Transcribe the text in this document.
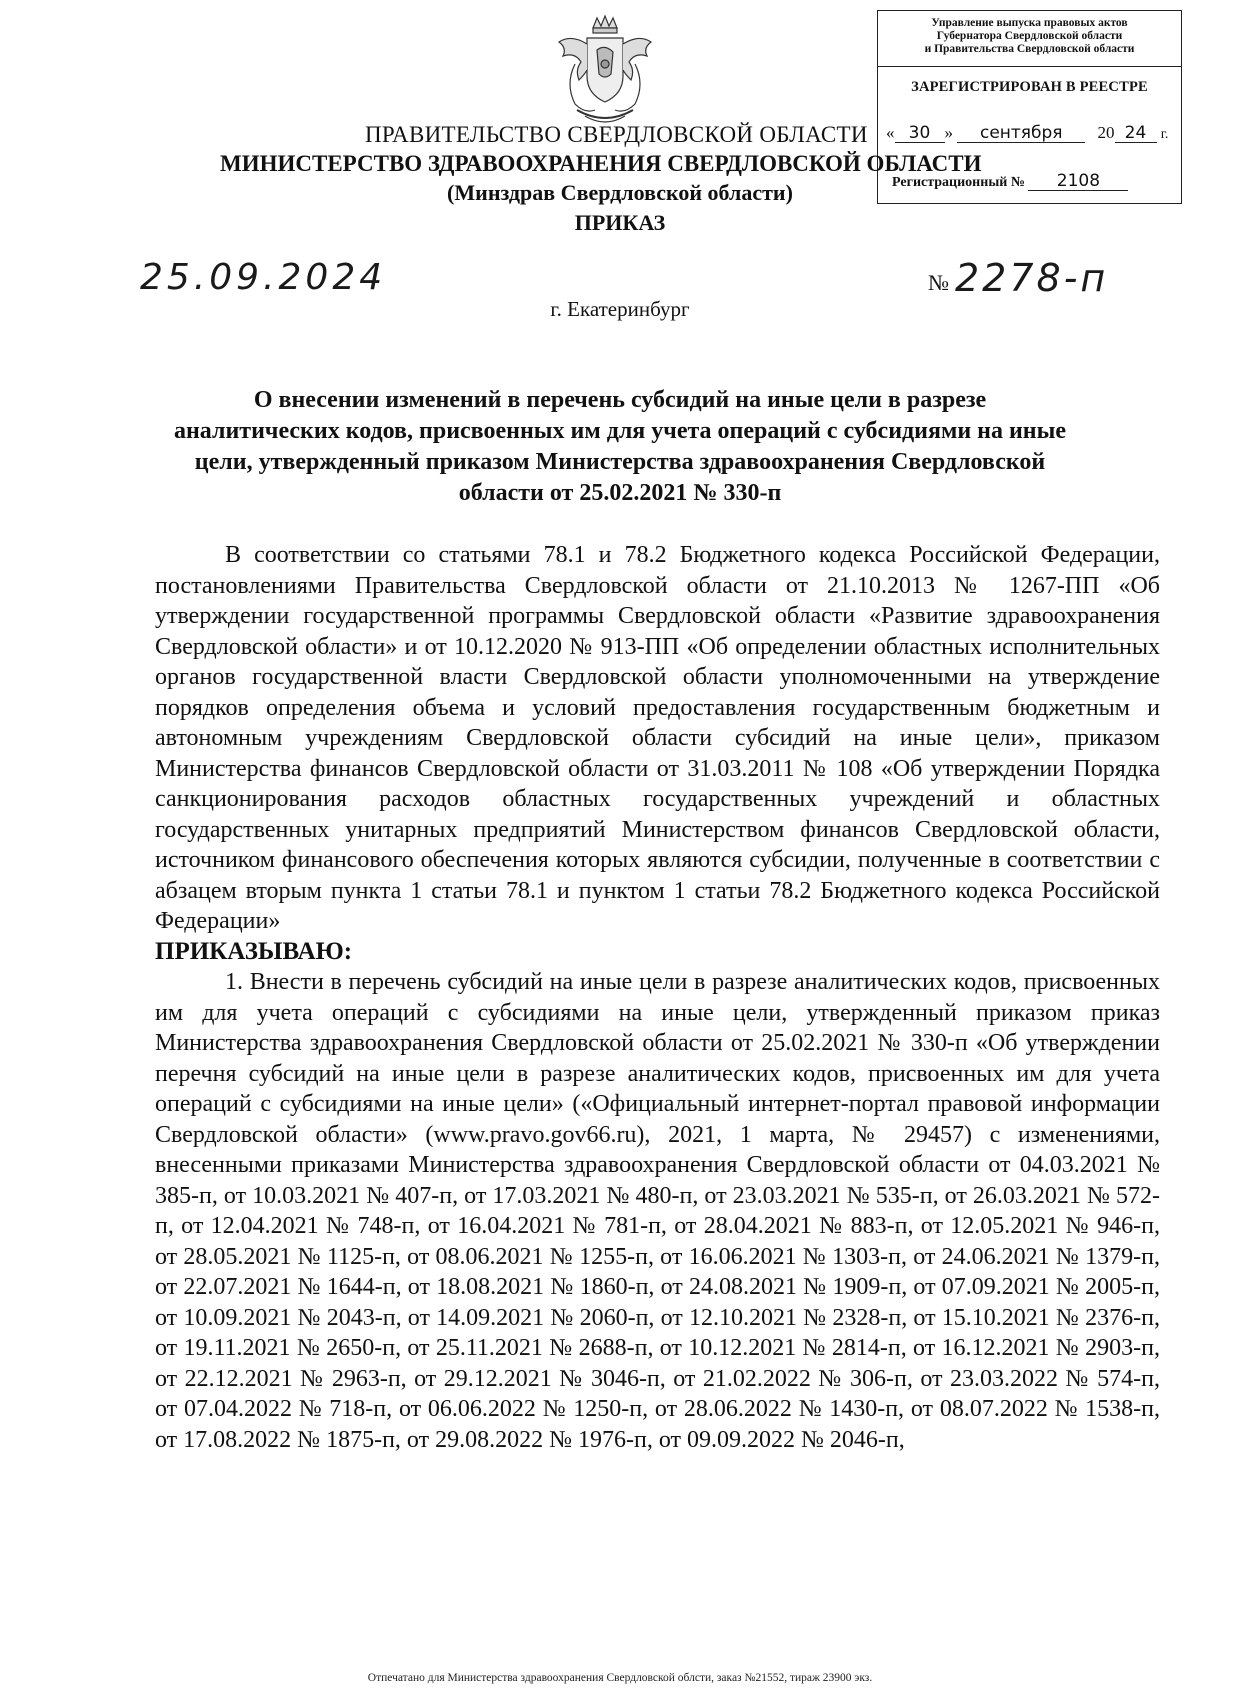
Управление выпуска правовых актов
Губернатора Свердловской области
и Правительства Свердловской области
ЗАРЕГИСТРИРОВАН В РЕЕСТРЕ
« 30 » сентября 20 24 г.
Регистрационный № 2108
ПРАВИТЕЛЬСТВО СВЕРДЛОВСКОЙ ОБЛАСТИ
МИНИСТЕРСТВО ЗДРАВООХРАНЕНИЯ СВЕРДЛОВСКОЙ ОБЛАСТИ
(Минздрав Свердловской области)
ПРИКАЗ
25.09.2024	№ 2278-п
г. Екатеринбург
О внесении изменений в перечень субсидий на иные цели в разрезе аналитических кодов, присвоенных им для учета операций с субсидиями на иные цели, утвержденный приказом Министерства здравоохранения Свердловской области от 25.02.2021 № 330-п

В соответствии со статьями 78.1 и 78.2 Бюджетного кодекса Российской Федерации, постановлениями Правительства Свердловской области от 21.10.2013 № 1267-ПП «Об утверждении государственной программы Свердловской области «Развитие здравоохранения Свердловской области» и от 10.12.2020 № 913-ПП «Об определении областных исполнительных органов государственной власти Свердловской области уполномоченными на утверждение порядков определения объема и условий предоставления государственным бюджетным и автономным учреждениям Свердловской области субсидий на иные цели», приказом Министерства финансов Свердловской области от 31.03.2011 № 108 «Об утверждении Порядка санкционирования расходов областных государственных учреждений и областных государственных унитарных предприятий Министерством финансов Свердловской области, источником финансового обеспечения которых являются субсидии, полученные в соответствии с абзацем вторым пункта 1 статьи 78.1 и пунктом 1 статьи 78.2 Бюджетного кодекса Российской Федерации»

ПРИКАЗЫВАЮ:

1. Внести в перечень субсидий на иные цели в разрезе аналитических кодов, присвоенных им для учета операций с субсидиями на иные цели, утвержденный приказом приказ Министерства здравоохранения Свердловской области от 25.02.2021 № 330-п «Об утверждении перечня субсидий на иные цели в разрезе аналитических кодов, присвоенных им для учета операций с субсидиями на иные цели» («Официальный интернет-портал правовой информации Свердловской области» (www.pravo.gov66.ru), 2021, 1 марта, № 29457) с изменениями, внесенными приказами Министерства здравоохранения Свердловской области от 04.03.2021 № 385-п, от 10.03.2021 № 407-п, от 17.03.2021 № 480-п, от 23.03.2021 № 535-п, от 26.03.2021 № 572-п, от 12.04.2021 № 748-п, от 16.04.2021 № 781-п, от 28.04.2021 № 883-п, от 12.05.2021 № 946-п, от 28.05.2021 № 1125-п, от 08.06.2021 № 1255-п, от 16.06.2021 № 1303-п, от 24.06.2021 № 1379-п, от 22.07.2021 № 1644-п, от 18.08.2021 № 1860-п, от 24.08.2021 № 1909-п, от 07.09.2021 № 2005-п, от 10.09.2021 № 2043-п, от 14.09.2021 № 2060-п, от 12.10.2021 № 2328-п, от 15.10.2021 № 2376-п, от 19.11.2021 № 2650-п, от 25.11.2021 № 2688-п, от 10.12.2021 № 2814-п, от 16.12.2021 № 2903-п, от 22.12.2021 № 2963-п, от 29.12.2021 № 3046-п, от 21.02.2022 № 306-п, от 23.03.2022 № 574-п, от 07.04.2022 № 718-п, от 06.06.2022 № 1250-п, от 28.06.2022 № 1430-п, от 08.07.2022 № 1538-п, от 17.08.2022 № 1875-п, от 29.08.2022 № 1976-п, от 09.09.2022 № 2046-п,

Отпечатано для Министерства здравоохранения Свердловской облсти, заказ №21552, тираж 23900 экз.
